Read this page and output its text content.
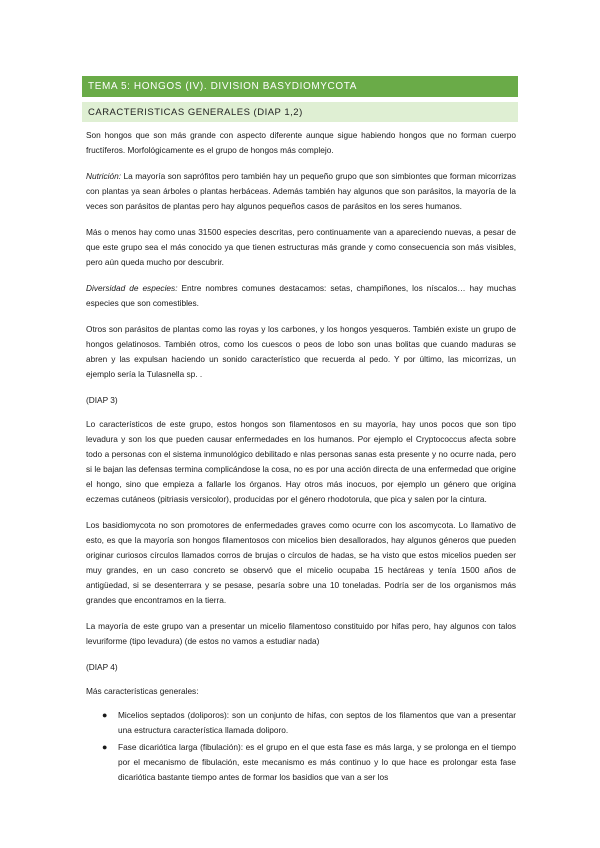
TEMA 5: HONGOS (IV). DIVISION BASYDIOMYCOTA
CARACTERISTICAS GENERALES (DIAP 1,2)

Son hongos que son más grande con aspecto diferente aunque sigue habiendo hongos que no forman cuerpo fructíferos. Morfológicamente es el grupo de hongos más complejo.

Nutrición: La mayoría son saprófitos pero también hay un pequeño grupo que son simbiontes que forman micorrizas con plantas ya sean árboles o plantas herbáceas. Además también hay algunos que son parásitos, la mayoría de la veces son parásitos de plantas pero hay algunos pequeños casos de parásitos en los seres humanos.

Más o menos hay como unas 31500 especies descritas, pero continuamente van a apareciendo nuevas, a pesar de que este grupo sea el más conocido ya que tienen estructuras más grande y como consecuencia son más visibles, pero aún queda mucho por descubrir.

Diversidad de especies: Entre nombres comunes destacamos: setas, champiñones, los níscalos… hay muchas especies que son comestibles.

Otros son parásitos de plantas como las royas y los carbones, y los hongos yesqueros. También existe un grupo de hongos gelatinosos. También otros, como los cuescos o peos de lobo son unas bolitas que cuando maduras se abren y las expulsan haciendo un sonido característico que recuerda al pedo. Y por último, las micorrizas, un ejemplo sería la Tulasnella sp. .

(DIAP 3)

Lo característicos de este grupo, estos hongos son filamentosos en su mayoría, hay unos pocos que son tipo levadura y son los que pueden causar enfermedades en los humanos. Por ejemplo el Cryptococcus afecta sobre todo a personas con el sistema inmunológico debilitado e nlas personas sanas esta presente y no ocurre nada, pero si le bajan las defensas termina complicándose la cosa, no es por una acción directa de una enfermedad que origine el hongo, sino que empieza a fallarle los órganos. Hay otros más inocuos, por ejemplo un género que origina eczemas cutáneos (pitriasis versicolor), producidas por el género rhodotorula, que pica y salen por la cintura.

Los basidiomycota no son promotores de enfermedades graves como ocurre con los ascomycota. Lo llamativo de esto, es que la mayoría son hongos filamentosos con micelios bien desallorados, hay algunos géneros que pueden originar curiosos círculos llamados corros de brujas o círculos de hadas, se ha visto que estos micelios pueden ser muy grandes, en un caso concreto se observó que el micelio ocupaba 15 hectáreas y tenía 1500 años de antigüedad, si se desenterrara y se pesase, pesaría sobre una 10 toneladas. Podría ser de los organismos más grandes que encontramos en la tierra.

La mayoría de este grupo van a presentar un micelio filamentoso constituido por hifas pero, hay algunos con talos levuriforme (tipo levadura) (de estos no vamos a estudiar nada)

(DIAP 4)

Más características generales:

● Micelios septados (doliporos): son un conjunto de hifas, con septos de los filamentos que van a presentar una estructura característica llamada doliporo.
● Fase dicariótica larga (fibulación): es el grupo en el que esta fase es más larga, y se prolonga en el tiempo por el mecanismo de fibulación, este mecanismo es más continuo y lo que hace es prolongar esta fase dicariótica bastante tiempo antes de formar los basidios que van a ser los
